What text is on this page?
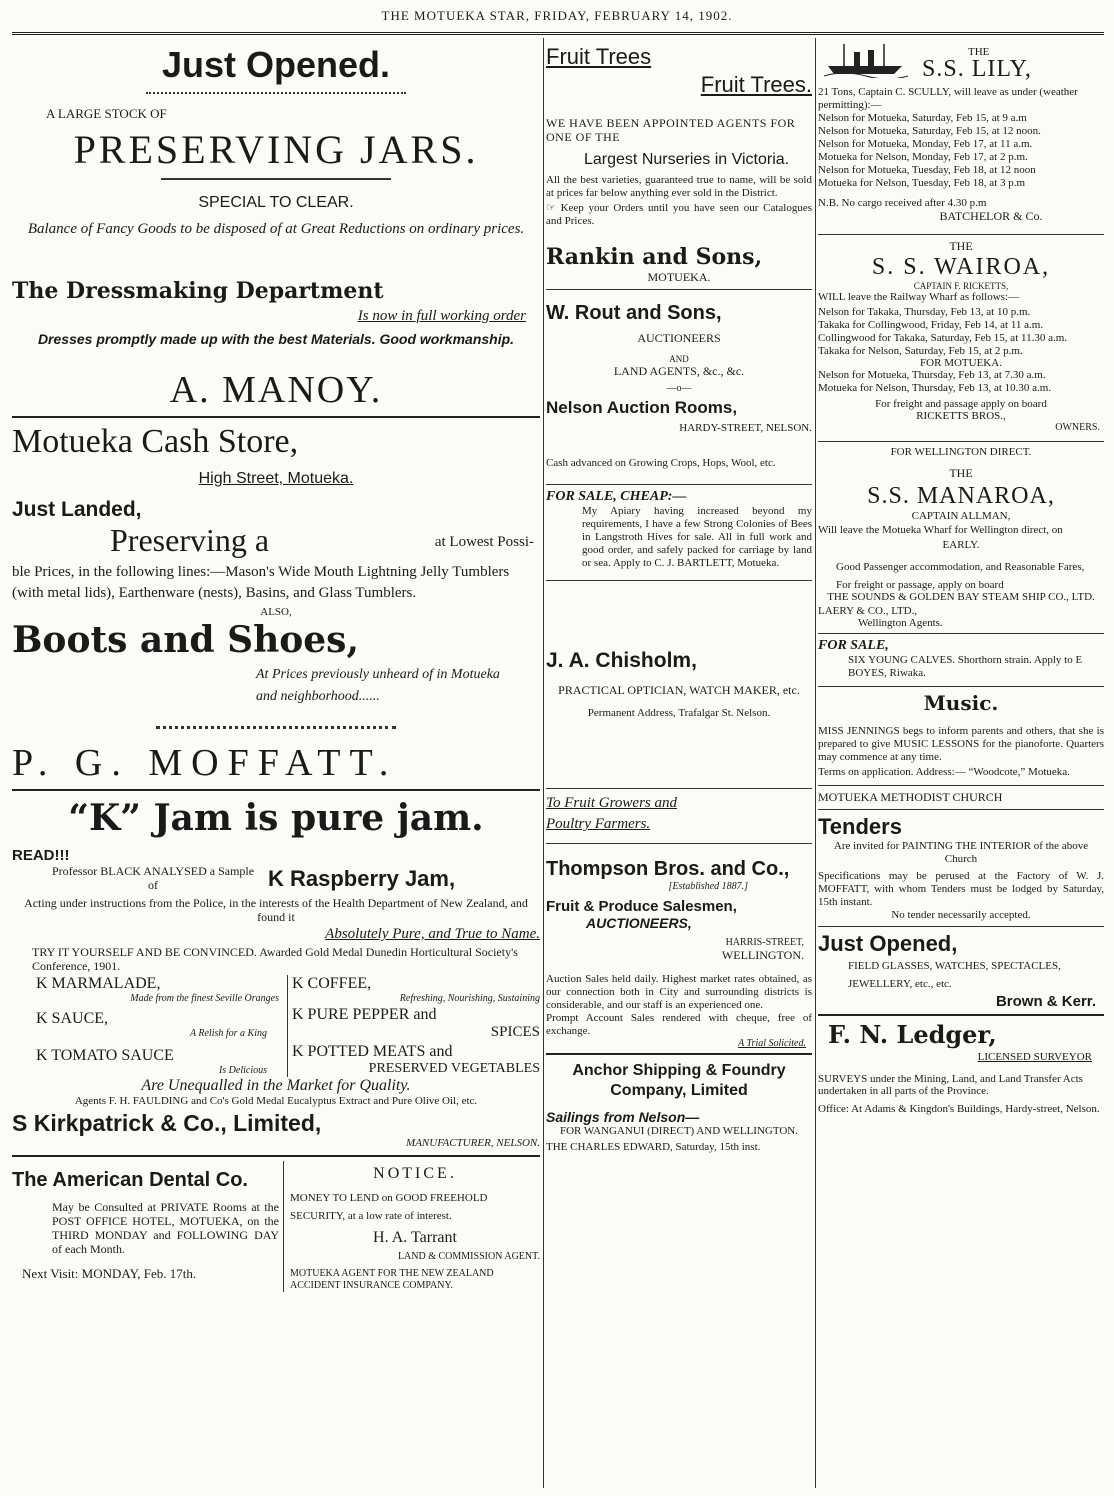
THE MOTUEKA STAR, FRIDAY, FEBRUARY 14, 1902.
Just Opened.
A LARGE STOCK OF
PRESERVING JARS.
SPECIAL TO CLEAR.
Balance of Fancy Goods to be disposed of at Great Reductions on ordinary prices.
The Dressmaking Department
Is now in full working order
Dresses promptly made up with the best Materials. Good workmanship.
A. MANOY.
Motueka Cash Store,
High Street, Motueka.
Just Landed,
Preserving a	at Lowest Possi-
ble Prices, in the following lines:—Mason's Wide Mouth Lightning Jelly Tumblers (with metal lids), Earthenware (nests), Basins, and Glass Tumblers.
ALSO,
Boots and Shoes,
At Prices previously unheard of in Motueka and neighborhood......
P. G. MOFFATT.
“K” Jam is pure jam.
READ!!!
Professor BLACK ANALYSED a Sample of	K Raspberry Jam,
Acting under instructions from the Police, in the interests of the Health Department of New Zealand, and found it
Absolutely Pure, and True to Name.
TRY IT YOURSELF AND BE CONVINCED. Awarded Gold Medal Dunedin Horticultural Society's Conference, 1901.
K MARMALADE,
Made from the finest Seville Oranges
K SAUCE,
A Relish for a King
K TOMATO SAUCE
Is Delicious
K COFFEE,
Refreshing, Nourishing, Sustaining
K PURE PEPPER and
SPICES
K POTTED MEATS and
PRESERVED VEGETABLES
Are Unequalled in the Market for Quality.
Agents F. H. FAULDING and Co's Gold Medal Eucalyptus Extract and Pure Olive Oil, etc.
S Kirkpatrick & Co., Limited,
MANUFACTURER, NELSON.
The American Dental Co.
May be Consulted at PRIVATE Rooms at the POST OFFICE HOTEL, MOTUEKA, on the THIRD MONDAY and FOLLOWING DAY of each Month.
Next Visit: MONDAY, Feb. 17th.
NOTICE.
MONEY TO LEND on GOOD FREEHOLD SECURITY, at a low rate of interest.
H. A. Tarrant
LAND & COMMISSION AGENT.
MOTUEKA AGENT FOR THE NEW ZEALAND ACCIDENT INSURANCE COMPANY.
Fruit Trees
Fruit Trees.
WE HAVE BEEN APPOINTED AGENTS FOR ONE OF THE
Largest Nurseries in Victoria.
All the best varieties, guaranteed true to name, will be sold at prices far below anything ever sold in the District.
☞ Keep your Orders until you have seen our Catalogues and Prices.
Rankin and Sons,
MOTUEKA.
W. Rout and Sons,
AUCTIONEERS
AND
LAND AGENTS, &c., &c.
—o—
Nelson Auction Rooms,
HARDY-STREET, NELSON.
Cash advanced on Growing Crops, Hops, Wool, etc.
FOR SALE, CHEAP:—
My Apiary having increased beyond my requirements, I have a few Strong Colonies of Bees in Langstroth Hives for sale. All in full work and good order, and safely packed for carriage by land or sea. Apply to C. J. BARTLETT, Motueka.
J. A. Chisholm,
PRACTICAL OPTICIAN, WATCH MAKER, etc.
Permanent Address, Trafalgar St. Nelson.
To Fruit Growers and
Poultry Farmers.
Thompson Bros. and Co.,
[Established 1887.]
Fruit & Produce Salesmen,
AUCTIONEERS,
HARRIS-STREET,
WELLINGTON.
Auction Sales held daily. Highest market rates obtained, as our connection both in City and surrounding districts is considerable, and our staff is an experienced one.
Prompt Account Sales rendered with cheque, free of exchange.
A Trial Solicited.
Anchor Shipping & Foundry Company, Limited
Sailings from Nelson—
FOR WANGANUI (DIRECT) AND WELLINGTON.
THE CHARLES EDWARD, Saturday, 15th inst.
THE
S.S. LILY,
21 Tons, Captain C. SCULLY, will leave as under (weather permitting):—
Nelson for Motueka, Saturday, Feb 15, at 9 a.m
Nelson for Motueka, Saturday, Feb 15, at 12 noon.
Nelson for Motueka, Monday, Feb 17, at 11 a.m.
Motueka for Nelson, Monday, Feb 17, at 2 p.m.
Nelson for Motueka, Tuesday, Feb 18, at 12 noon
Motueka for Nelson, Tuesday, Feb 18, at 3 p.m
N.B. No cargo received after 4.30 p.m
BATCHELOR & Co.
THE
S. S. WAIROA,
CAPTAIN F. RICKETTS,
WILL leave the Railway Wharf as follows:—
Nelson for Takaka, Thursday, Feb 13, at 10 p.m.
Takaka for Collingwood, Friday, Feb 14, at 11 a.m.
Collingwood for Takaka, Saturday, Feb 15, at 11.30 a.m.
Takaka for Nelson, Saturday, Feb 15, at 2 p.m.
FOR MOTUEKA.
Nelson for Motueka, Thursday, Feb 13, at 7.30 a.m.
Motueka for Nelson, Thursday, Feb 13, at 10.30 a.m.
For freight and passage apply on board
RICKETTS BROS.,
OWNERS.
FOR WELLINGTON DIRECT.
THE
S.S. MANAROA,
CAPTAIN ALLMAN,
Will leave the Motueka Wharf for Wellington direct, on
EARLY.
Good Passenger accommodation, and Reasonable Fares,
For freight or passage, apply on board
THE SOUNDS & GOLDEN BAY STEAM SHIP CO., LTD.
LAERY & CO., LTD.,
Wellington Agents.
FOR SALE,
SIX YOUNG CALVES. Shorthorn strain. Apply to E BOYES, Riwaka.
Music.
MISS JENNINGS begs to inform parents and others, that she is prepared to give MUSIC LESSONS for the pianoforte. Quarters may commence at any time.
Terms on application. Address:— “Woodcote,” Motueka.
MOTUEKA METHODIST CHURCH
Tenders
Are invited for PAINTING THE INTERIOR of the above Church
Specifications may be perused at the Factory of W. J. MOFFATT, with whom Tenders must be lodged by Saturday, 15th instant.
No tender necessarily accepted.
Just Opened,
FIELD GLASSES, WATCHES, SPECTACLES, JEWELLERY, etc., etc.
Brown & Kerr.
F. N. Ledger,
LICENSED SURVEYOR
SURVEYS under the Mining, Land, and Land Transfer Acts undertaken in all parts of the Province.
Office: At Adams & Kingdon's Buildings, Hardy-street, Nelson.
